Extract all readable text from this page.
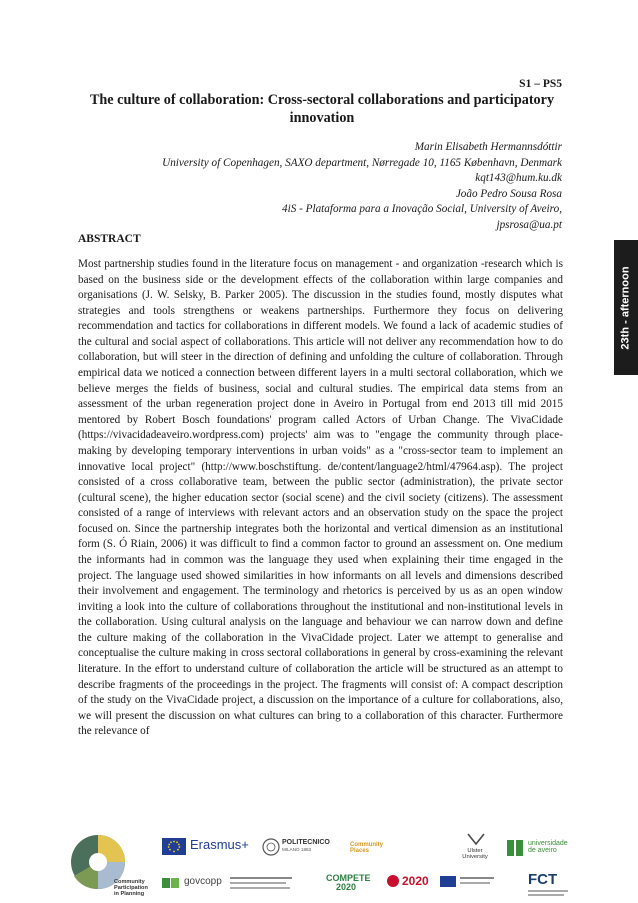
S1 – PS5
The culture of collaboration: Cross-sectoral collaborations and participatory innovation
Marin Elisabeth Hermannsdóttir
University of Copenhagen, SAXO department, Nørregade 10, 1165 København, Denmark
kqt143@hum.ku.dk
João Pedro Sousa Rosa
4iS - Plataforma para a Inovação Social, University of Aveiro,
jpsrosa@ua.pt
ABSTRACT
Most partnership studies found in the literature focus on management - and organization -research which is based on the business side or the development effects of the collaboration within large companies and organisations (J. W. Selsky, B. Parker 2005). The discussion in the studies found, mostly disputes what strategies and tools strengthens or weakens partnerships. Furthermore they focus on delivering recommendation and tactics for collaborations in different models. We found a lack of academic studies of the cultural and social aspect of collaborations. This article will not deliver any recommendation how to do collaboration, but will steer in the direction of defining and unfolding the culture of collaboration. Through empirical data we noticed a connection between different layers in a multi sectoral collaboration, which we believe merges the fields of business, social and cultural studies. The empirical data stems from an assessment of the urban regeneration project done in Aveiro in Portugal from end 2013 till mid 2015 mentored by Robert Bosch foundations' program called Actors of Urban Change. The VivaCidade (https://vivacidadeaveiro.wordpress.com) projects' aim was to "engage the community through place-making by developing temporary interventions in urban voids" as a "cross-sector team to implement an innovative local project" (http://www.boschstiftung. de/content/language2/html/47964.asp). The project consisted of a cross collaborative team, between the public sector (administration), the private sector (cultural scene), the higher education sector (social scene) and the civil society (citizens). The assessment consisted of a range of interviews with relevant actors and an observation study on the space the project focused on. Since the partnership integrates both the horizontal and vertical dimension as an institutional form (S. Ó Riain, 2006) it was difficult to find a common factor to ground an assessment on. One medium the informants had in common was the language they used when explaining their time engaged in the project. The language used showed similarities in how informants on all levels and dimensions described their involvement and engagement. The terminology and rhetorics is perceived by us as an open window inviting a look into the culture of collaborations throughout the institutional and non-institutional levels in the collaboration. Using cultural analysis on the language and behaviour we can narrow down and define the culture making of the collaboration in the VivaCidade project. Later we attempt to generalise and conceptualise the culture making in cross sectoral collaborations in general by cross-examining the relevant literature. In the effort to understand culture of collaboration the article will be structured as an attempt to describe fragments of the proceedings in the project. The fragments will consist of: A compact description of the study on the VivaCidade project, a discussion on the importance of a culture for collaborations, also, we will present the discussion on what cultures can bring to a collaboration of this character. Furthermore the relevance of
23th - afternoon
Community Participation in Planning
Erasmus+	POLITECNICO
MILANO 1863
Community Places	Ulster University
universidade de aveiro
govcopp	COMPETE 2020	2020	FCT
